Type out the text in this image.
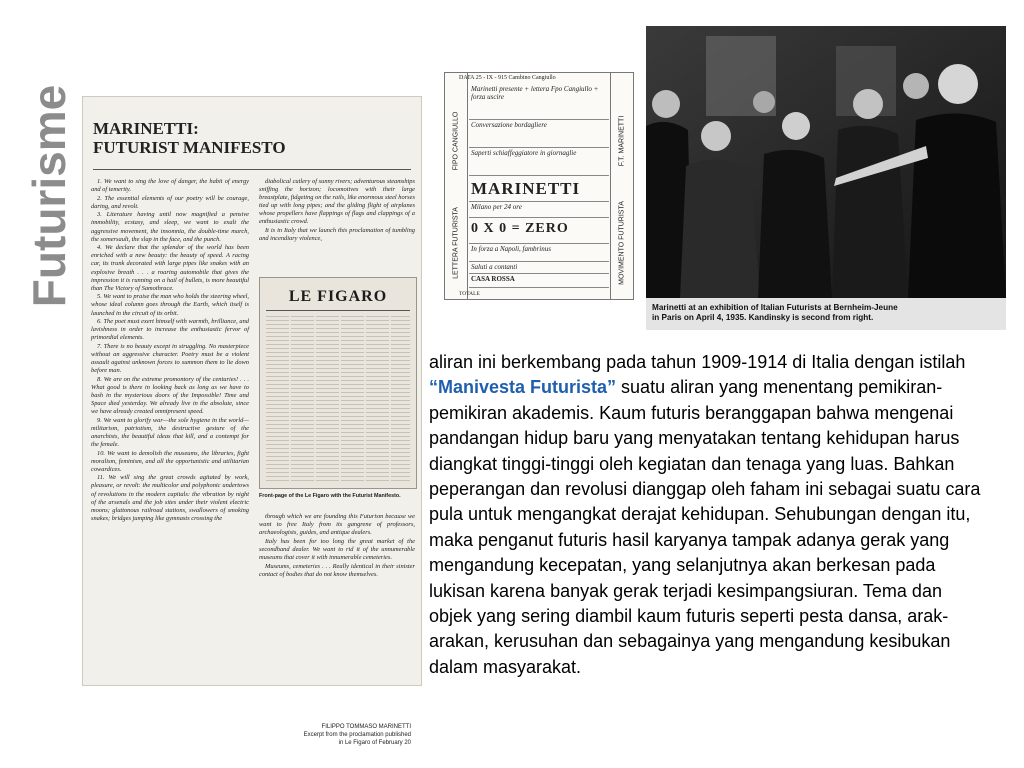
Futurisme MARINETTI:
FUTURIST MANIFESTO

1. We want to sing the love of danger, the habit of energy and of temerity.

2. The essential elements of our poetry will be courage, daring, and revolt.

3. Literature having until now magnified a pensive immobility, ecstasy, and sleep, we want to exalt the aggressive movement, the insomnia, the double-time march, the somersault, the slap in the face, and the punch.

4. We declare that the splendor of the world has been enriched with a new beauty: the beauty of speed. A racing car, its trunk decorated with large pipes like snakes with an explosive breath . . . a roaring automobile that gives the impression it is running on a hail of bullets, is more beautiful than The Victory of Samothrace.

5. We want to praise the man who holds the steering wheel, whose ideal column goes through the Earth, which itself is launched in the circuit of its orbit.

6. The poet must exert himself with warmth, brilliance, and lavishness in order to increase the enthusiastic fervor of primordial elements.

7. There is no beauty except in struggling. No masterpiece without an aggressive character. Poetry must be a violent assault against unknown forces to summon them to lie down before man.

8. We are on the extreme promontory of the centuries! . . . What good is there in looking back as long as we have to bash in the mysterious doors of the Impossible! Time and Space died yesterday. We already live in the absolute, since we have already created omnipresent speed.

9. We want to glorify war—the sole hygiene in the world—militarism, patriotism, the destructive gesture of the anarchists, the beautiful ideas that kill, and a contempt for the female.

10. We want to demolish the museums, the libraries, fight moralism, feminism, and all the opportunistic and utilitarian cowardices.

11. We will sing the great crowds agitated by work, pleasure, or revolt: the multicolor and polyphonic undertows of revolutions in the modern capitals: the vibration by night of the arsenals and the job sites under their violent electric moons; gluttonous railroad stations, swallowers of smoking snakes; bridges jumping like gymnasts crossing the

diabolical cutlery of sunny rivers; adventurous steamships sniffing the horizon; locomotives with their large breastplate, fidgeting on the rails, like enormous steel horses tied up with long pipes; and the gliding flight of airplanes whose propellers have flappings of flags and clappings of a enthusiastic crowd.

It is in Italy that we launch this proclamation of tumbling and incendiary violence,

LE FIGARO
Front-page of the Le Figaro with the Futurist Manifesto.

through which we are founding this Futurism because we want to free Italy from its gangrene of professors, archaeologists, guides, and antique dealers.

Italy has been for too long the great market of the secondhand dealer. We want to rid it of the unnumerable museums that cover it with innumerable cemeteries.

Museums, cemeteries . . . Really identical in their sinister contact of bodies that do not know themselves.

FILIPPO TOMMASO MARINETTI
Excerpt from the proclamation published
in Le Figaro of February 20
DATA 25 - IX - 915 Cambino Cangiullo
FIPO CANGIULLO
LETTERA FUTURISTA
F.T. MARINETTI
MOVIMENTO FUTURISTA
Marinetti presente + lettera Fpo Cangiullo + forza uscire
Conversazione bordagliere
Saperti schiaffeggiatore in giornaglie
MARINETTI
Milano per 24 ore
0 X 0 = ZERO
In forza a Napoli, fambrinus
Saluti a contanti
CASA ROSSA
TOTALE
Marinetti at an exhibition of Italian Futurists at Bernheim-Jeune
in Paris on April 4, 1935. Kandinsky is second from right.
aliran ini berkembang pada tahun 1909-1914 di Italia dengan istilah “Manivesta Futurista” suatu aliran yang menentang pemikiran-pemikiran akademis. Kaum futuris beranggapan bahwa mengenai pandangan hidup baru yang menyatakan tentang kehidupan harus diangkat tinggi-tinggi oleh kegiatan dan tenaga yang luas. Bahkan peperangan dan revolusi dianggap oleh faham ini sebagai suatu cara pula untuk mengangkat derajat kehidupan. Sehubungan dengan itu, maka penganut futuris hasil karyanya tampak adanya gerak yang mengandung kecepatan, yang selanjutnya akan berkesan pada lukisan karena banyak gerak terjadi kesimpangsiuran. Tema dan objek yang sering diambil kaum futuris seperti pesta dansa, arak-arakan, kerusuhan dan sebagainya yang mengandung kesibukan dalam masyarakat.
